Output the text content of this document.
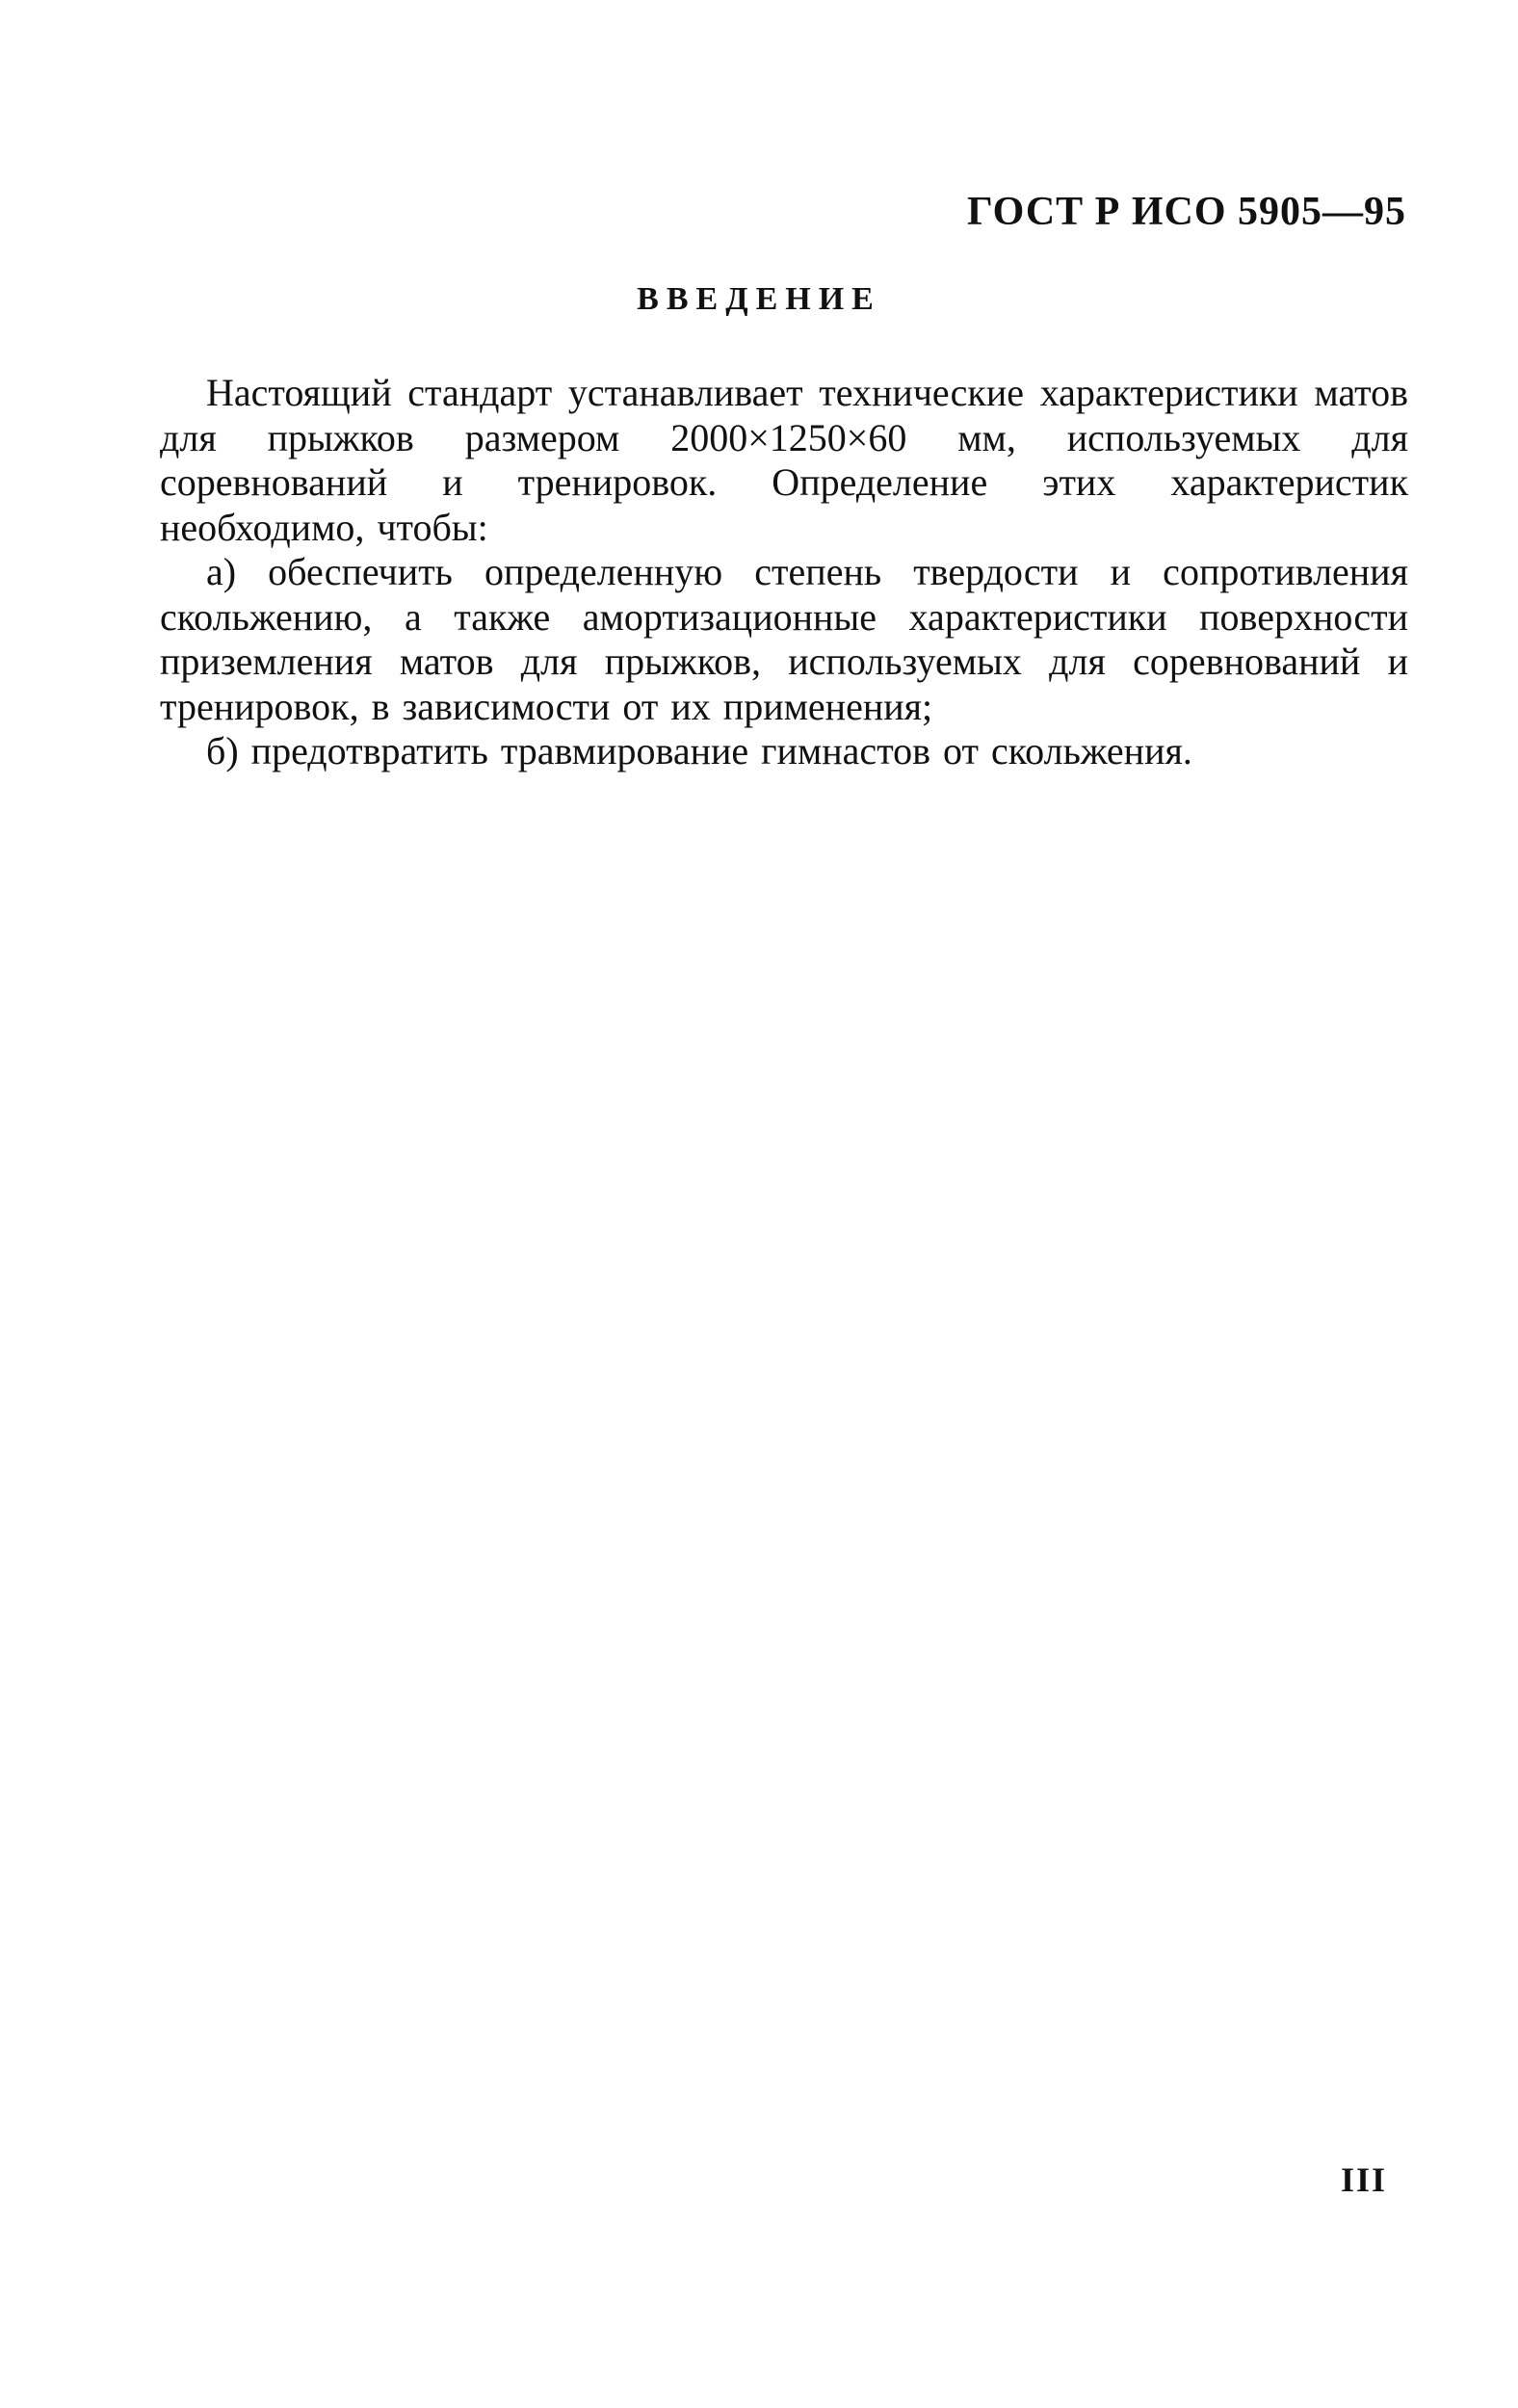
ГОСТ Р ИСО 5905—95
ВВЕДЕНИЕ

Настоящий стандарт устанавливает технические характеристики матов для прыжков размером 2000×1250×60 мм, используемых для соревнований и тренировок. Определение этих характеристик необходимо, чтобы:

а) обеспечить определенную степень твердости и сопротивления скольжению, а также амортизационные характеристики поверхности приземления матов для прыжков, используемых для соревнований и тренировок, в зависимости от их применения;

б) предотвратить травмирование гимнастов от скольжения.

III
